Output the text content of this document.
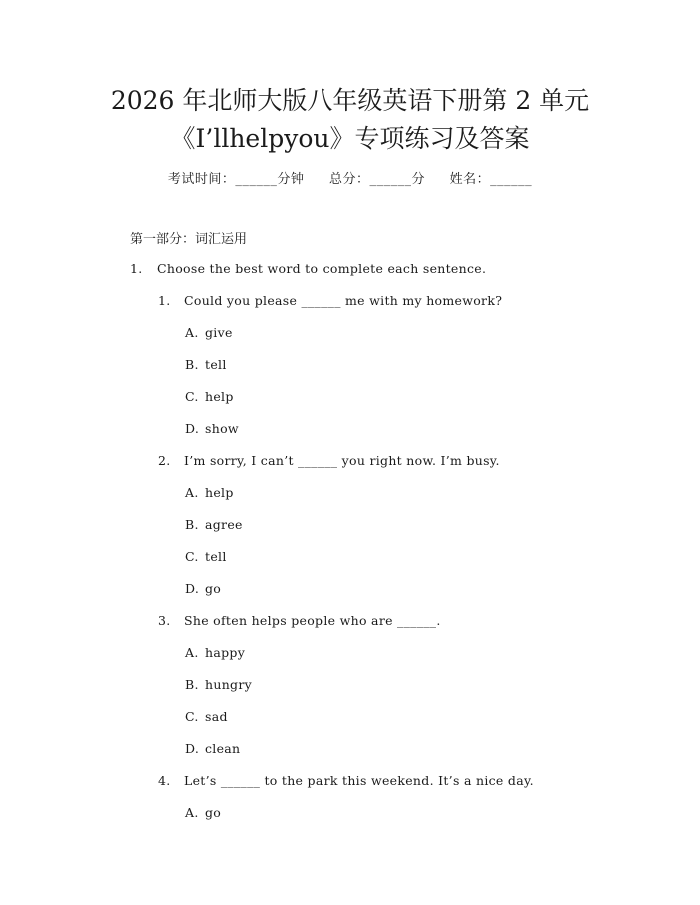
2026 年北师大版八年级英语下册第 2 单元
《I’llhelpyou》专项练习及答案
考试时间：______分钟 总分：______分 姓名：______
第一部分：词汇运用
1. Choose the best word to complete each sentence.
1. Could you please ______ me with my homework?
A. give
B. tell
C. help
D. show
2. I’m sorry, I can’t ______ you right now. I’m busy.
A. help
B. agree
C. tell
D. go
3. She often helps people who are ______.
A. happy
B. hungry
C. sad
D. clean
4. Let’s ______ to the park this weekend. It’s a nice day.
A. go
